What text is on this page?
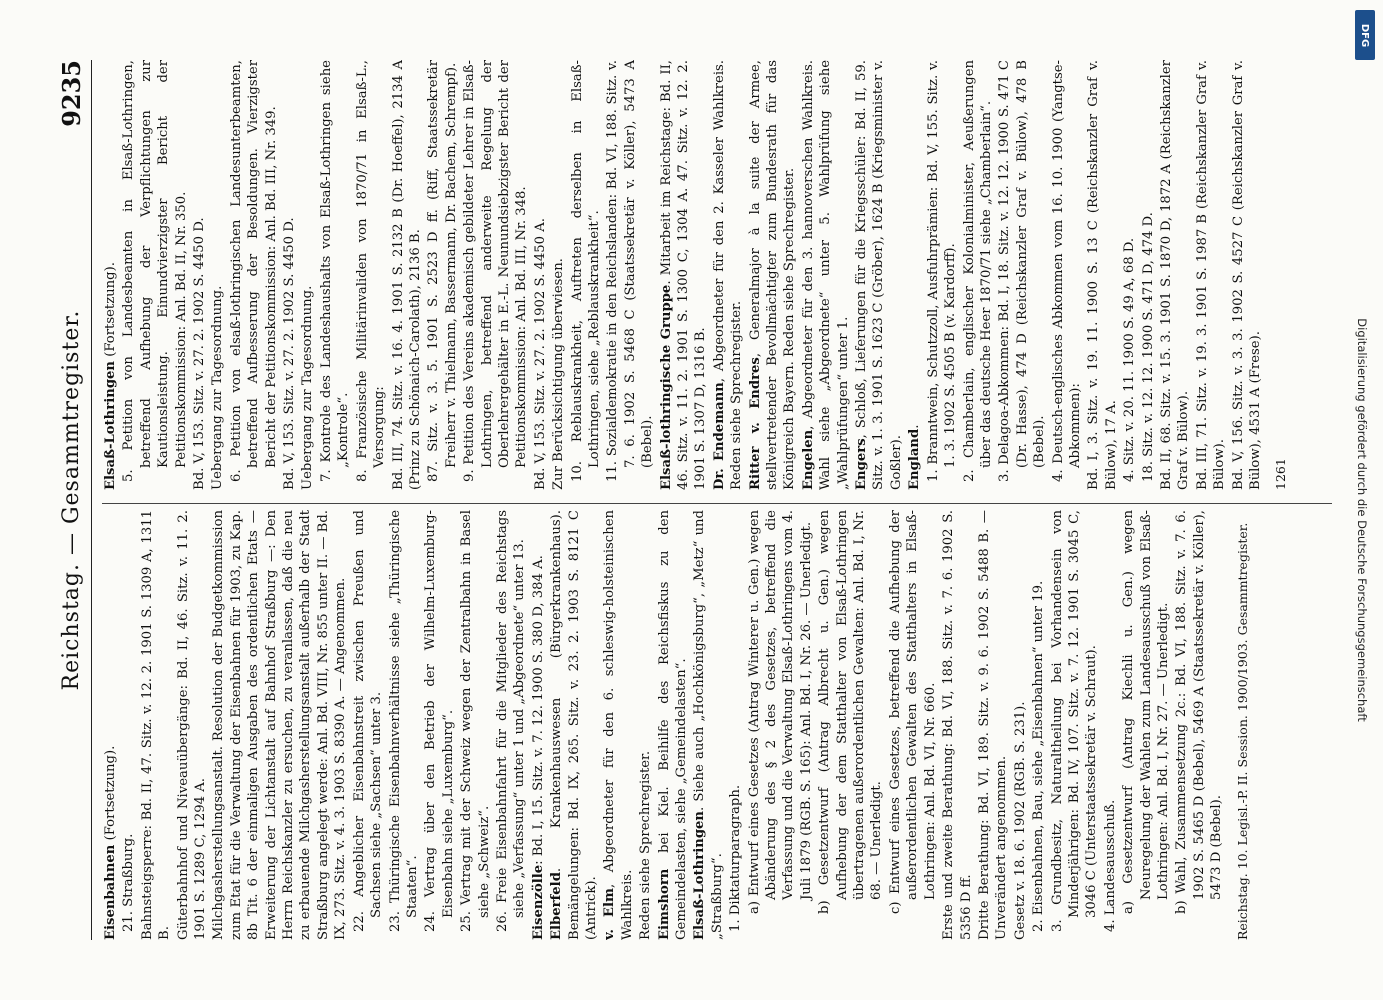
Reichstag. — Gesammtregister.
9235

Eisenbahnen (Fortsetzung).

21. Straßburg. Bahnsteigsperre: Bd. II, 47. Sitz. v. 12. 2. 1901 S. 1309 A, 1311 B. Güterbahnhof und Niveauübergänge: Bd. II, 46. Sitz. v. 11. 2. 1901 S. 1289 C, 1294 A. Milchgasherstellungsanstalt. Resolution der Budgetkommission zum Etat für die Verwaltung der Eisenbahnen für 1903, zu Kap. 8b Tit. 6 der einmaligen Ausgaben des ordentlichen Etats — Erweiterung der Lichtanstalt auf Bahnhof Straßburg —: Den Herrn Reichskanzler zu ersuchen, zu veranlassen, daß die neu zu erbauende Milchgasherstellungsanstalt außerhalb der Stadt Straßburg angelegt werde: Anl. Bd. VIII, Nr. 855 unter II. — Bd. IX, 273. Sitz. v. 4. 3. 1903 S. 8390 A. — Angenommen. 22. Angeblicher Eisenbahnstreit zwischen Preußen und Sachsen siehe „Sachsen“ unter 3. 23. Thüringische Eisenbahnverhältnisse siehe „Thüringische Staaten“. 24. Vertrag über den Betrieb der Wilhelm-Luxemburg-Eisenbahn siehe „Luxemburg“. 25. Vertrag mit der Schweiz wegen der Zentralbahn in Basel siehe „Schweiz“. 26. Freie Eisenbahnfahrt für die Mitglieder des Reichstags siehe „Verfassung“ unter 1 und „Abgeordnete“ unter 13. Eisenzölle: Bd. I, 15. Sitz. v. 7. 12. 1900 S. 380 D, 384 A.

Elberfeld. Krankenhauswesen (Bürgerkrankenhaus). Bemängelungen: Bd. IX, 265. Sitz. v. 23. 2. 1903 S. 8121 C (Antrick). v. Elm, Abgeordneter für den 6. schleswig-holsteinischen Wahlkreis. Reden siehe Sprechregister. Eimshorn bei Kiel. Beihilfe des Reichsfiskus zu den Gemeindelasten, siehe „Gemeindelasten“. Elsaß-Lothringen. Siehe auch „Hochkönigsburg“, „Metz“ und „Straßburg“. 1. Diktaturparagraph. a) Entwurf eines Gesetzes (Antrag Winterer u. Gen.) wegen Abänderung des § 2 des Gesetzes, betreffend die Verfassung und die Verwaltung Elsaß-Lothringens vom 4. Juli 1879 (RGB. S. 165): Anl. Bd. I, Nr. 26. — Unerledigt. b) Gesetzentwurf (Antrag Albrecht u. Gen.) wegen Aufhebung der dem Statthalter von Elsaß-Lothringen übertragenen außerordentlichen Gewalten: Anl. Bd. I, Nr. 68. — Unerledigt. c) Entwurf eines Gesetzes, betreffend die Aufhebung der außerordentlichen Gewalten des Statthalters in Elsaß-Lothringen: Anl. Bd. VI, Nr. 660. Erste und zweite Berathung: Bd. VI, 188. Sitz. v. 7. 6. 1902 S. 5356 D ff. Dritte Berathung: Bd. VI, 189. Sitz. v. 9. 6. 1902 S. 5488 B. — Unverändert angenommen. Gesetz v. 18. 6. 1902 (RGB. S. 231). 2. Eisenbahnen, Bau, siehe „Eisenbahnen“ unter 19. 3. Grundbesitz, Naturaltheilung bei Vorhandensein von Minderjährigen: Bd. IV, 107. Sitz. v. 7. 12. 1901 S. 3045 C, 3046 C (Unterstaatssekretär v. Schraut). 4. Landesausschuß. a) Gesetzentwurf (Antrag Kiechli u. Gen.) wegen Neuregelung der Wahlen zum Landesausschuß von Elsaß-Lothringen: Anl. Bd. I, Nr. 27. — Unerledigt. b) Wahl, Zusammensetzung 2c.: Bd. VI, 188. Sitz. v. 7. 6. 1902 S. 5465 D (Bebel), 5469 A (Staatssekretär v. Köller), 5473 D (Bebel). Reichstag. 10. Legisl.-P. II. Session. 1900/1903. Gesammtregister.

Elsaß-Lothringen (Fortsetzung). 5. Petition von Landesbeamten in Elsaß-Lothringen, betreffend Aufhebung der Verpflichtungen zur Kautionsleistung. Einundvierzigster Bericht der Petitionskommission: Anl. Bd. II, Nr. 350. Bd. V, 153. Sitz. v. 27. 2. 1902 S. 4450 D. Uebergang zur Tagesordnung. 6. Petition von elsaß-lothringischen Landesunterbeamten, betreffend Aufbesserung der Besoldungen. Vierzigster Bericht der Petitionskommission: Anl. Bd. III, Nr. 349. Bd. V, 153. Sitz. v. 27. 2. 1902 S. 4450 D. Uebergang zur Tagesordnung. 7. Kontrole des Landeshaushalts von Elsaß-Lothringen siehe „Kontrole“. 8. Französische Militärinvaliden von 1870/71 in Elsaß-L., Versorgung: Bd. III, 74. Sitz. v. 16. 4. 1901 S. 2132 B (Dr. Hoeffel), 2134 A (Prinz zu Schönaich-Carolath), 2136 B. 87. Sitz. v. 3. 5. 1901 S. 2523 D ff. (Riff, Staatssekretär Freiherr v. Thielmann, Bassermann, Dr. Bachem, Schrempf). 9. Petition des Vereins akademisch gebildeter Lehrer in Elsaß-Lothringen, betreffend anderweite Regelung der Oberlehrergehälter in E.-L. Neunundsiebzigster Bericht der Petitionskommission: Anl. Bd. III, Nr. 348. Bd. V, 153. Sitz. v. 27. 2. 1902 S. 4450 A. Zur Berücksichtigung überwiesen. 10. Reblauskrankheit, Auftreten derselben in Elsaß-Lothringen, siehe „Reblauskrankheit“. 11. Sozialdemokratie in den Reichslanden: Bd. VI, 188. Sitz. v. 7. 6. 1902 S. 5468 C (Staatssekretär v. Köller), 5473 A (Bebel). Elsaß-lothringische Gruppe. Mitarbeit im Reichstage: Bd. II, 46. Sitz. v. 11. 2. 1901 S. 1300 C, 1304 A. 47. Sitz. v. 12. 2. 1901 S. 1307 D, 1316 B. Dr. Endemann, Abgeordneter für den 2. Kasseler Wahlkreis. Reden siehe Sprechregister. Ritter v. Endres, Generalmajor à la suite der Armee, stellvertretender Bevollmächtigter zum Bundesrath für das Königreich Bayern. Reden siehe Sprechregister. Engelen, Abgeordneter für den 3. hannoverschen Wahlkreis. Wahl siehe „Abgeordnete“ unter 5. Wahlprüfung siehe „Wahlprüfungen“ unter 1. Engers, Schloß, Lieferungen für die Kriegsschüler: Bd. II, 59. Sitz. v. 1. 3. 1901 S. 1623 C (Gröber), 1624 B (Kriegsminister v. Goßler). England. 1. Branntwein, Schutzzoll, Ausfuhrprämien: Bd. V, 155. Sitz. v. 1. 3. 1902 S. 4505 B (v. Kardorff). 2. Chamberlain, englischer Kolonialminister, Aeußerungen über das deutsche Heer 1870/71 siehe „Chamberlain“. 3. Delagoa-Abkommen: Bd. I, 18. Sitz. v. 12. 12. 1900 S. 471 C (Dr. Hasse), 474 D (Reichskanzler Graf v. Bülow), 478 B (Bebel). 4. Deutsch-englisches Abkommen vom 16. 10. 1900 (Yangtse-Abkommen): Bd. I, 3. Sitz. v. 19. 11. 1900 S. 13 C (Reichskanzler Graf v. Bülow), 17 A. 4. Sitz. v. 20. 11. 1900 S. 49 A, 68 D. 18. Sitz. v. 12. 12. 1900 S. 471 D, 474 D. Bd. II, 68. Sitz. v. 15. 3. 1901 S. 1870 D, 1872 A (Reichskanzler Graf v. Bülow). Bd. III, 71. Sitz. v. 19. 3. 1901 S. 1987 B (Reichskanzler Graf v. Bülow). Bd. V, 156. Sitz. v. 3. 3. 1902 S. 4527 C (Reichskanzler Graf v. Bülow), 4531 A (Frese). 1261

DFG
Digitalisierung gefördert durch die Deutsche Forschungsgemeinschaft
